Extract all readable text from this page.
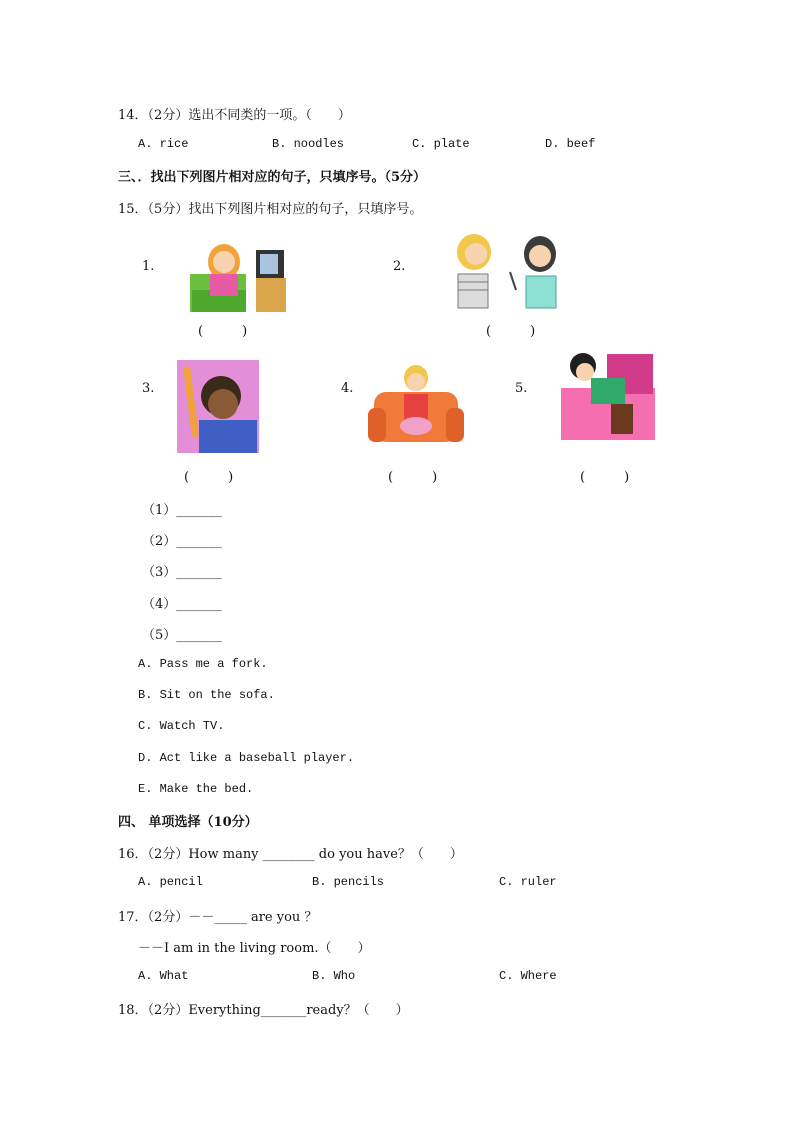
14．（2分）选出不同类的一项。（　　）
A. rice	B. noodles	C. plate	D. beef
三、．找出下列图片相对应的句子，只填序号。（5分）
15．（5分）找出下列图片相对应的句子，只填序号。
1.
(　　　)
2.
(　　　)
3.
(　　　)
4.
(　　　)
5.
(　　　)
（1）_______
（2）_______
（3）_______
（4）_______
（5）_______
A. Pass me a fork.
B. Sit on the sofa.
C. Watch TV.
D. Act like a baseball player.
E. Make the bed.
四、 单项选择（10分）
16．（2分）How many ________ do you have？（　　）
A. pencil	B. pencils	C. ruler
17．（2分）－－_____ are you ？
－－I am in the living room.（　　）
A. What	B. Who	C. Where
18．（2分）Everything_______ready？（　　）
